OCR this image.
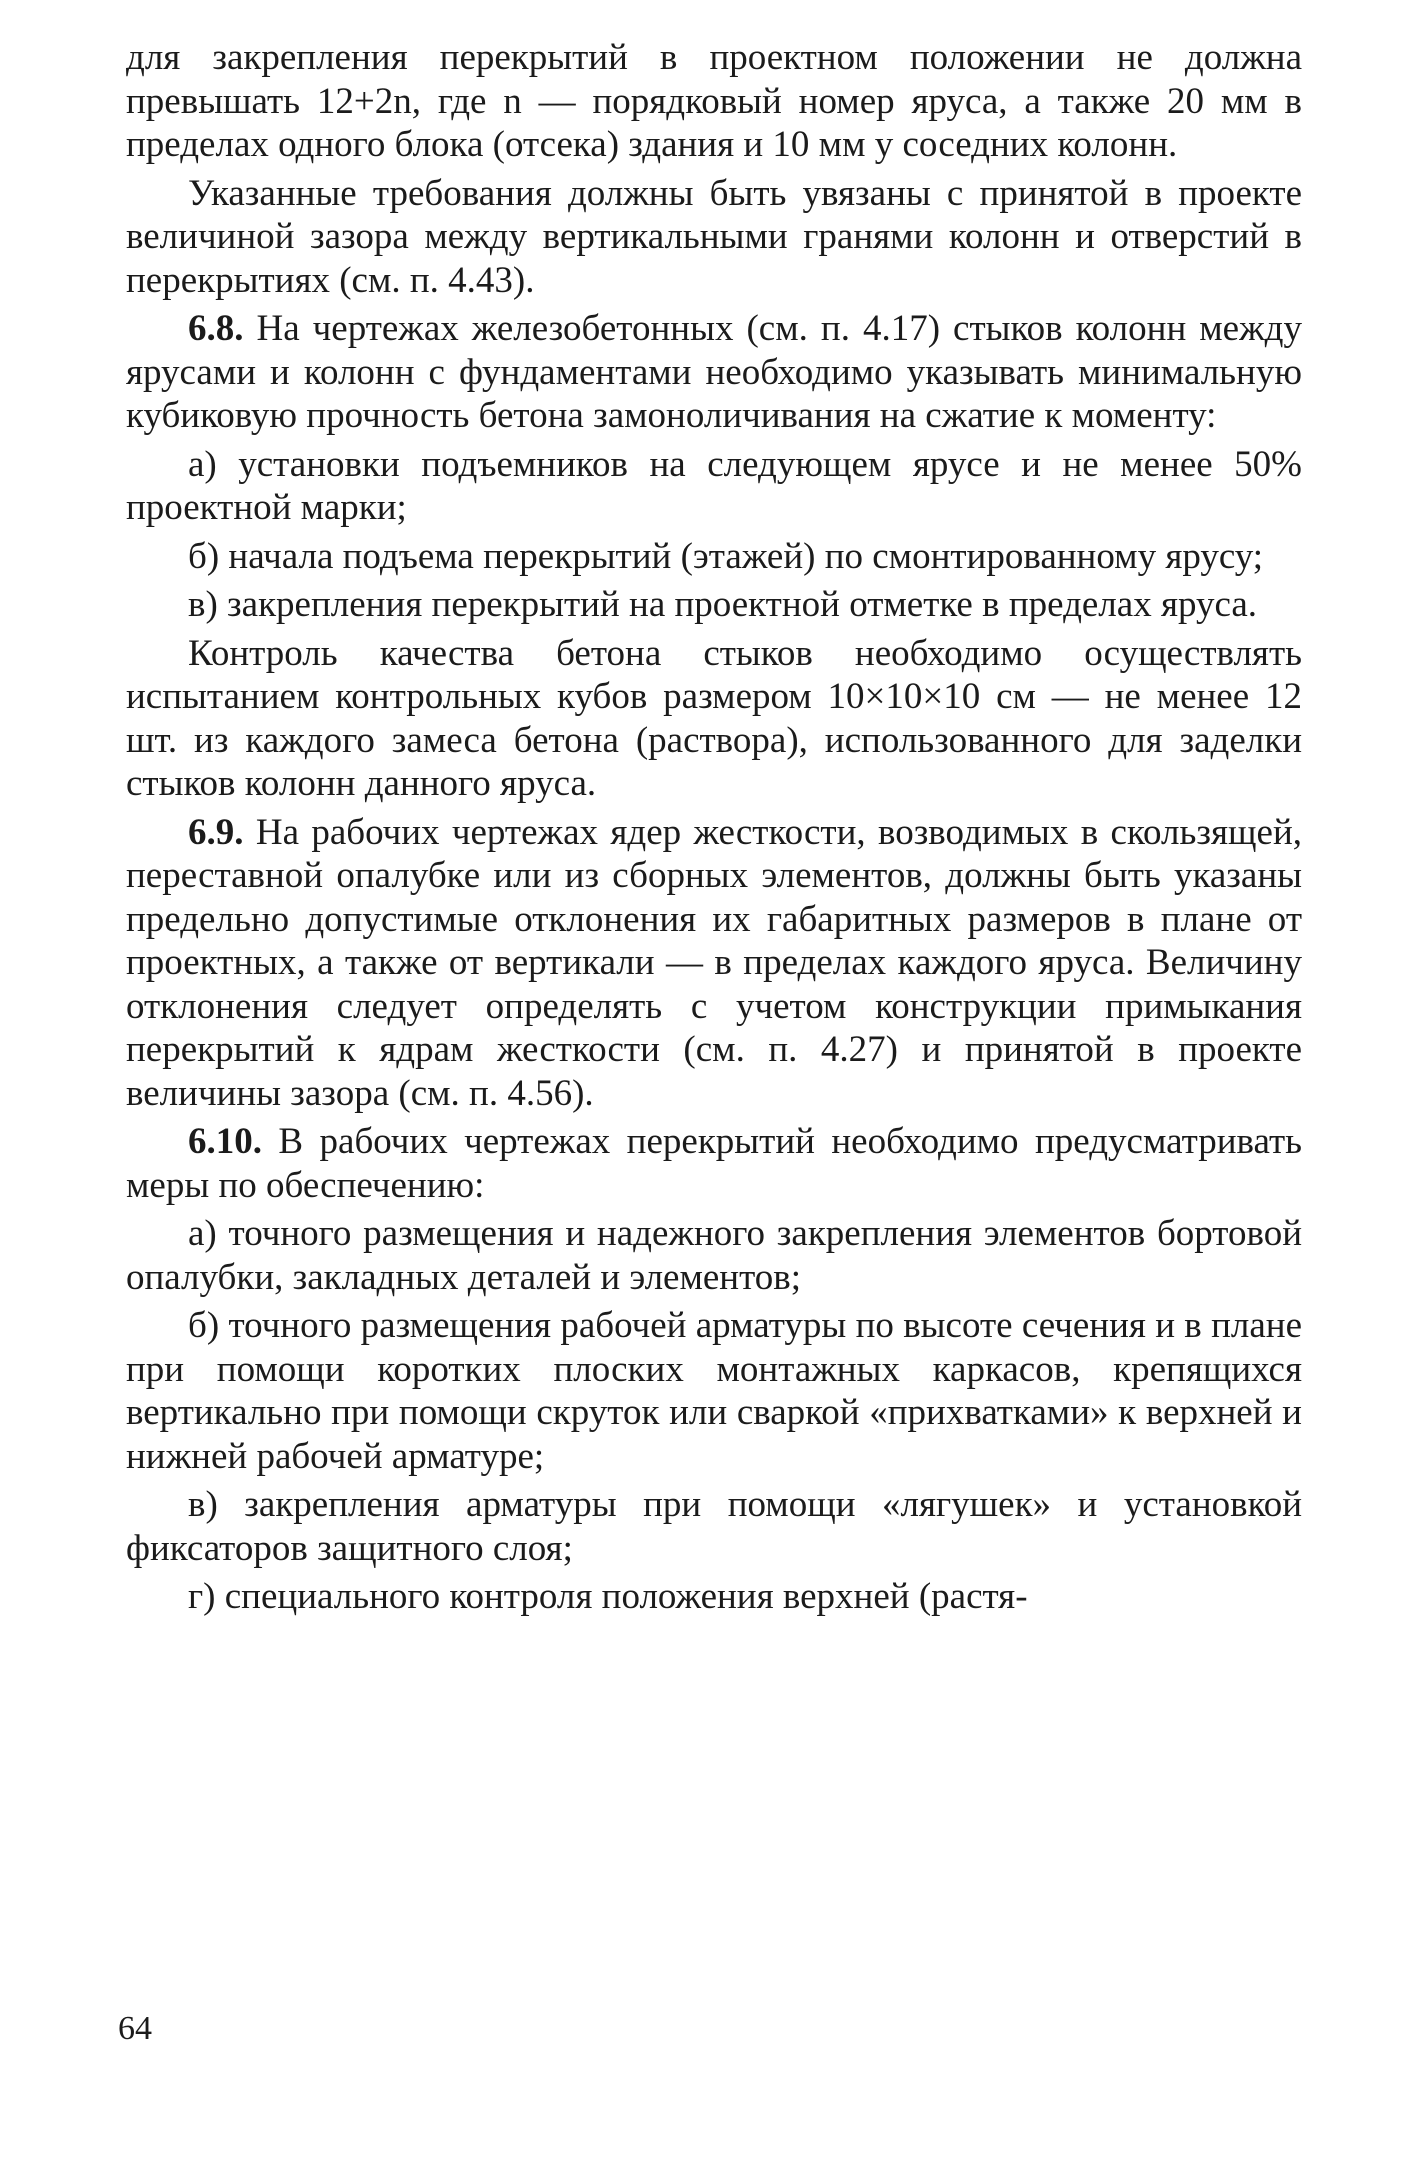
для закрепления перекрытий в проектном положении не должна превышать 12+2n, где n — порядковый номер яруса, а также 20 мм в пределах одного блока (отсека) здания и 10 мм у соседних колонн.

Указанные требования должны быть увязаны с принятой в проекте величиной зазора между вертикальными гранями колонн и отверстий в перекрытиях (см. п. 4.43).

6.8. На чертежах железобетонных (см. п. 4.17) стыков колонн между ярусами и колонн с фундаментами необходимо указывать минимальную кубиковую прочность бетона замоноличивания на сжатие к моменту:

а) установки подъемников на следующем ярусе и не менее 50% проектной марки;

б) начала подъема перекрытий (этажей) по смонтированному ярусу;

в) закрепления перекрытий на проектной отметке в пределах яруса.

Контроль качества бетона стыков необходимо осуществлять испытанием контрольных кубов размером 10×10×10 см — не менее 12 шт. из каждого замеса бетона (раствора), использованного для заделки стыков колонн данного яруса.

6.9. На рабочих чертежах ядер жесткости, возводимых в скользящей, переставной опалубке или из сборных элементов, должны быть указаны предельно допустимые отклонения их габаритных размеров в плане от проектных, а также от вертикали — в пределах каждого яруса. Величину отклонения следует определять с учетом конструкции примыкания перекрытий к ядрам жесткости (см. п. 4.27) и принятой в проекте величины зазора (см. п. 4.56).

6.10. В рабочих чертежах перекрытий необходимо предусматривать меры по обеспечению:

а) точного размещения и надежного закрепления элементов бортовой опалубки, закладных деталей и элементов;

б) точного размещения рабочей арматуры по высоте сечения и в плане при помощи коротких плоских монтажных каркасов, крепящихся вертикально при помощи скруток или сваркой «прихватками» к верхней и нижней рабочей арматуре;

в) закрепления арматуры при помощи «лягушек» и установкой фиксаторов защитного слоя;

г) специального контроля положения верхней (растя-

64
